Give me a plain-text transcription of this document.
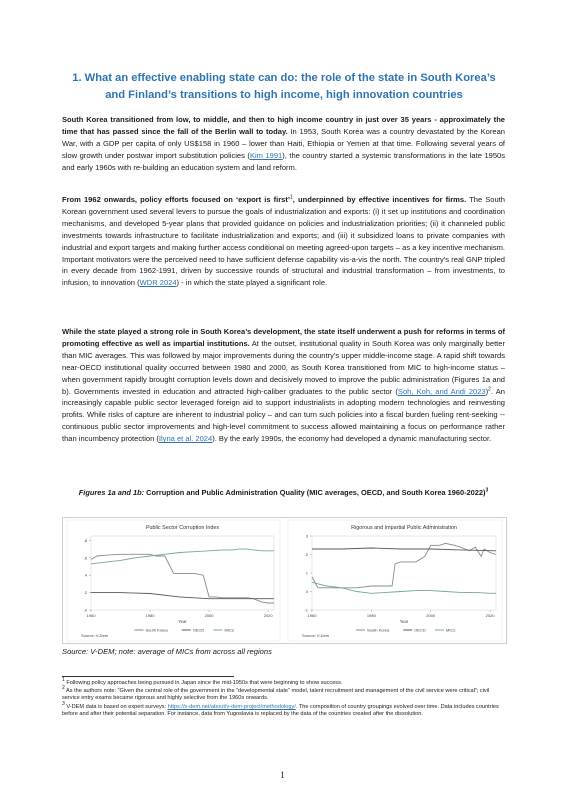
1. What an effective enabling state can do: the role of the state in South Korea’s
and Finland’s transitions to high income, high innovation countries
South Korea transitioned from low, to middle, and then to high income country in just over 35 years - approximately the time that has passed since the fall of the Berlin wall to today. In 1953, South Korea was a country devastated by the Korean War, with a GDP per capita of only US$158 in 1960 – lower than Haiti, Ethiopia or Yemen at that time. Following several years of slow growth under postwar import substitution policies (Kim 1991), the country started a systemic transformations in the late 1950s and early 1960s with re-building an education system and land reform.
From 1962 onwards, policy efforts focused on ‘export is first’$^1$, underpinned by effective incentives for firms. The South Korean government used several levers to pursue the goals of industrialization and exports: (i) it set up institutions and coordination mechanisms, and developed 5-year plans that provided guidance on policies and industrialization priorities; (ii) it channeled public investments towards infrastructure to facilitate industrialization and exports; and (iii) it subsidized loans to private companies with industrial and export targets and making further access conditional on meeting agreed-upon targets – as a key incentive mechanism. Important motivators were the perceived need to have sufficient defense capability vis-a-vis the north. The country’s real GNP tripled in every decade from 1962-1991, driven by successive rounds of structural and industrial transformation – from investments, to infusion, to innovation (WDR 2024) - in which the state played a significant role.
While the state played a strong role in South Korea’s development, the state itself underwent a push for reforms in terms of promoting effective as well as impartial institutions. At the outset, institutional quality in South Korea was only marginally better than MIC averages. This was followed by major improvements during the country’s upper middle-income stage. A rapid shift towards near-OECD institutional quality occurred between 1980 and 2000, as South Korea transitioned from MIC to high-income status – when government rapidly brought corruption levels down and decisively moved to improve the public administration (Figures 1a and b). Governments invested in education and attracted high-caliber graduates to the public sector (Soh, Koh, and Aridi 2023)$^2$. An increasingly capable public sector leveraged foreign aid to support industrialists in adopting modern technologies and reinvesting profits. While risks of capture are inherent to industrial policy – and can turn such policies into a fiscal burden fueling rent-seeking -- continuous public sector improvements and high-level commitment to success allowed maintaining a focus on performance rather than incumbency protection (Ilyna et al. 2024). By the early 1990s, the economy had developed a dynamic manufacturing sector.
Figures 1a and 1b: Corruption and Public Administration Quality (MIC averages, OECD, and South Korea 1960-2022)$^3$
Public Sector Corruption Index
.0
.2
.4
.6
.8
1960	1980	2000	2020
Year
South Korea	OECD	MICs
Source: V-Dem
Rigorous and Impartial Public Administration
-1
0
1
2
3
1960	1980	2000	2020
Year
South Korea	OECD	MICs
Source: V-Dem
Source: V-DEM; note: average of MICs from across all regions
$^1$ Following policy approaches being pursued in Japan since the mid-1950s that were beginning to show success.
$^2$ As the authors note: “Given the central role of the government in the “developmental state” model, talent recruitment and management of the civil service were critical”; civil service entry exams became rigorous and highly selective from the 1960s onwards.
$^3$ V-DEM data is based on expert surveys: https://v-dem.net/about/v-dem-project/methodology/. The composition of country groupings evolved over time. Data includes countries before and after their potential separation. For instance, data from Yugoslavia is replaced by the data of the countries created after the dissolution.
1
